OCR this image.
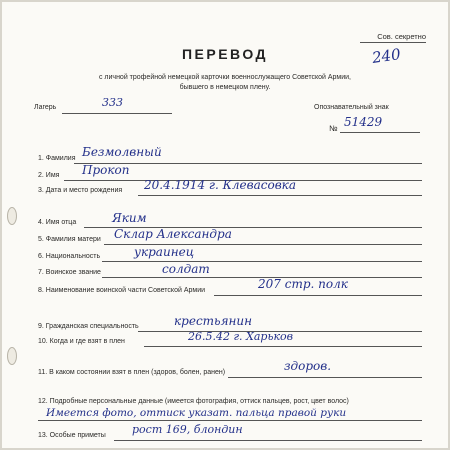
Сов. секретно
240
ПЕРЕВОД
с личной трофейной немецкой карточки военнослужащего Советской Армии,
бывшего в немецком плену.
Лагерь	333	Опознавательный знак
№ 51429
1. Фамилия Безмолвный
2. Имя Прокоп
3. Дата и место рождения 20.4.1914 г. Клевасовка
4. Имя отца	Яким
5. Фамилия матери Склар Александра
6. Национальность	украинец
7. Воинское звание	солдат
8. Наименование воинской части Советской Армии	207 стр. полк
9. Гражданская специальность	крестьянин
10. Когда и где взят в плен	26.5.42 г. Харьков
11. В каком состоянии взят в плен (здоров, болен, ранен)	здоров.
12. Подробные персональные данные (имеется фотография, оттиск пальцев, рост, цвет волос)
Имеется фото, оттиск указат. пальца правой руки
13. Особые приметы рост 169, блондин
